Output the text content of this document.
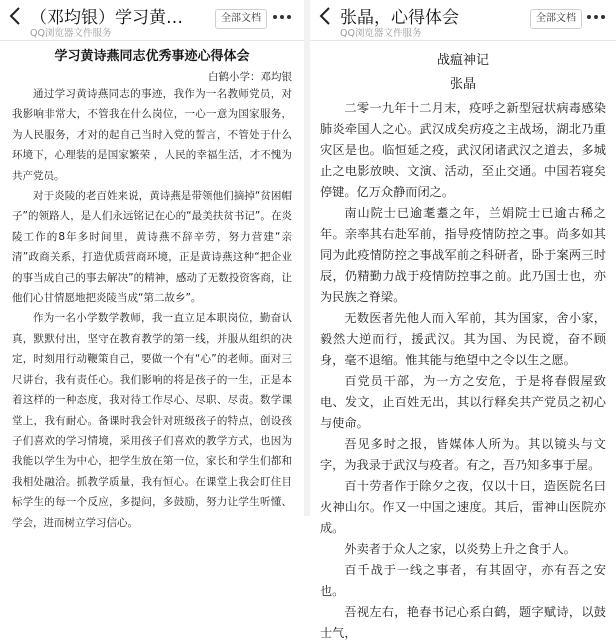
（邓均银）学习黄…
QQ浏览器文件服务
全部文档
学习黄诗燕同志优秀事迹心得体会
白鹤小学：邓均银

通过学习黄诗燕同志的事迹，我作为一名教师党员，对我影响非常大，不管我在什么岗位，一心一意为国家服务，为人民服务，才对的起自己当时入党的誓言，不管处于什么环境下，心理装的是国家繁荣 ，人民的幸福生活，才不愧为共产党员。

对于炎陵的老百姓来说，黄诗燕是带领他们摘掉“贫困帽子”的领路人，是人们永远铭记在心的“最美扶贫书记”。在炎陵工作的8年多时间里，黄诗燕不辞辛劳，努力营建“亲清”政商关系，打造优质营商环境，正是黄诗燕这种“把企业的事当成自己的事去解决”的精神，感动了无数投资客商，让他们心甘情愿地把炎陵当成“第二故乡”。

作为一名小学数学教师，我一直立足本职岗位，勤奋认真，默默付出，坚守在教育教学的第一线，并服从组织的决定，时刻用行动鞭策自己，要做一个有“心”的老师。面对三尺讲台，我有责任心。我们影响的将是孩子的一生，正是本着这样的一种态度，我对待工作尽心、尽职、尽责。数学课堂上，我有耐心。备课时我会针对班级孩子的特点，创设孩子们喜欢的学习情境，采用孩子们喜欢的教学方式，也因为我能以学生为中心，把学生放在第一位，家长和学生们都和我相处融洽。抓教学质量，我有恒心。在课堂上我会盯住目标学生的每一个反应，多提问，多鼓励，努力让学生听懂、学会，进而树立学习信心。

张晶，心得体会
QQ浏览器文件服务
全部文档
战瘟神记
张晶

二零一九年十二月末，疫呼之新型冠状病毒感染肺炎牵国人之心。武汉成矣疠疫之主战场，湖北乃重灾区是也。临恒延之疫，武汉闭诸武汉之道去，多城止之电影放映、文演、活动，至止交通。中国若寝矣停键。亿万众静而闭之。

南山院士已逾耄耋之年，兰娟院士已逾古稀之年。亲率其右赴军前，指导疫情防控之事。尚多如其同为此疫情防控之事战军前之科研者，卧于案两三时辰，仍精勤力战于疫情防控事之前。此乃国士也，亦为民族之脊梁。

无数医者先他人而入军前，其为国家，舍小家，毅然大逆而行，援武汉。其为国、为民谠，奋不顾身，毫不退缩。惟其能与绝望中之令以生之愿。

百党员干部，为一方之安危，于是将春假屋致电、发文，止百姓无出，其以行释矣共产党员之初心与使命。

吾见多时之报，皆媒体人所为。其以镜头与文字，为我录于武汉与疫者。有之，吾乃知多事于屋。

百十劳者作于除夕之夜，仅以十日，造医院名曰火神山尔。作又一中国之速度。其后，雷神山医院亦成。

外卖者于众人之家，以炎势上升之食于人。

百千战于一线之事者，有其固守，亦有吾之安也。

吾视左右，艳春书记心系白鹤，题字赋诗，以鼓士气，
